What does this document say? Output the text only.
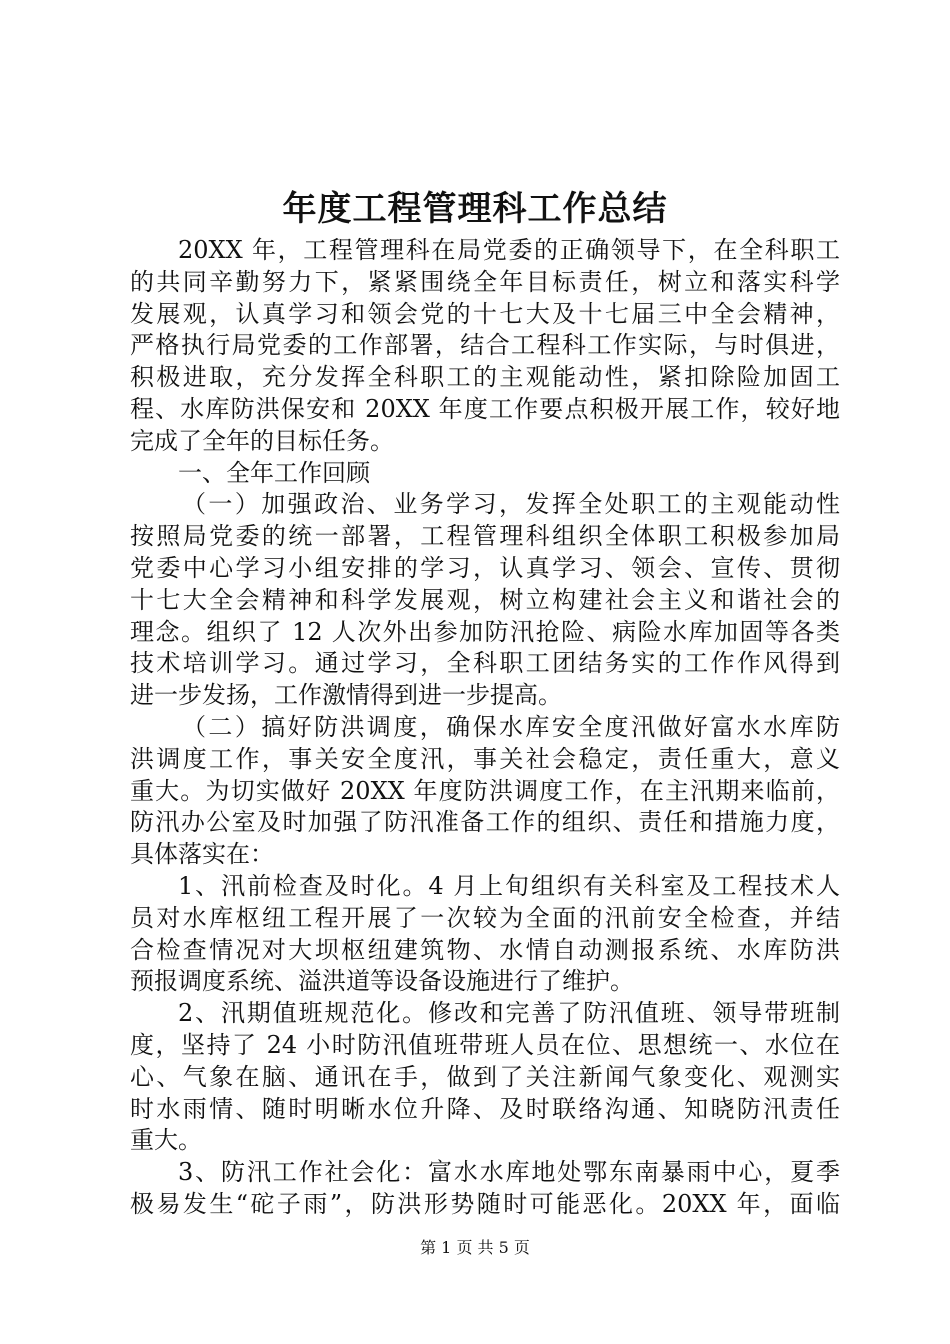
年度工程管理科工作总结
20XX 年，工程管理科在局党委的正确领导下，在全科职工
的共同辛勤努力下，紧紧围绕全年目标责任，树立和落实科学
发展观，认真学习和领会党的十七大及十七届三中全会精神，
严格执行局党委的工作部署，结合工程科工作实际，与时俱进，
积极进取，充分发挥全科职工的主观能动性，紧扣除险加固工
程、水库防洪保安和 20XX 年度工作要点积极开展工作，较好地
完成了全年的目标任务。
一、全年工作回顾
（一）加强政治、业务学习，发挥全处职工的主观能动性
按照局党委的统一部署，工程管理科组织全体职工积极参加局
党委中心学习小组安排的学习，认真学习、领会、宣传、贯彻
十七大全会精神和科学发展观，树立构建社会主义和谐社会的
理念。组织了 12 人次外出参加防汛抢险、病险水库加固等各类
技术培训学习。通过学习，全科职工团结务实的工作作风得到
进一步发扬，工作激情得到进一步提高。
（二）搞好防洪调度，确保水库安全度汛做好富水水库防
洪调度工作，事关安全度汛，事关社会稳定，责任重大，意义
重大。为切实做好 20XX 年度防洪调度工作，在主汛期来临前，
防汛办公室及时加强了防汛准备工作的组织、责任和措施力度，
具体落实在：
1、汛前检查及时化。4 月上旬组织有关科室及工程技术人
员对水库枢纽工程开展了一次较为全面的汛前安全检查，并结
合检查情况对大坝枢纽建筑物、水情自动测报系统、水库防洪
预报调度系统、溢洪道等设备设施进行了维护。
2、汛期值班规范化。修改和完善了防汛值班、领导带班制
度，坚持了 24 小时防汛值班带班人员在位、思想统一、水位在
心、气象在脑、通讯在手，做到了关注新闻气象变化、观测实
时水雨情、随时明晰水位升降、及时联络沟通、知晓防汛责任
重大。
3、防汛工作社会化：富水水库地处鄂东南暴雨中心，夏季
极易发生“砣子雨”，防洪形势随时可能恶化。20XX 年，面临
第 1 页 共 5 页
